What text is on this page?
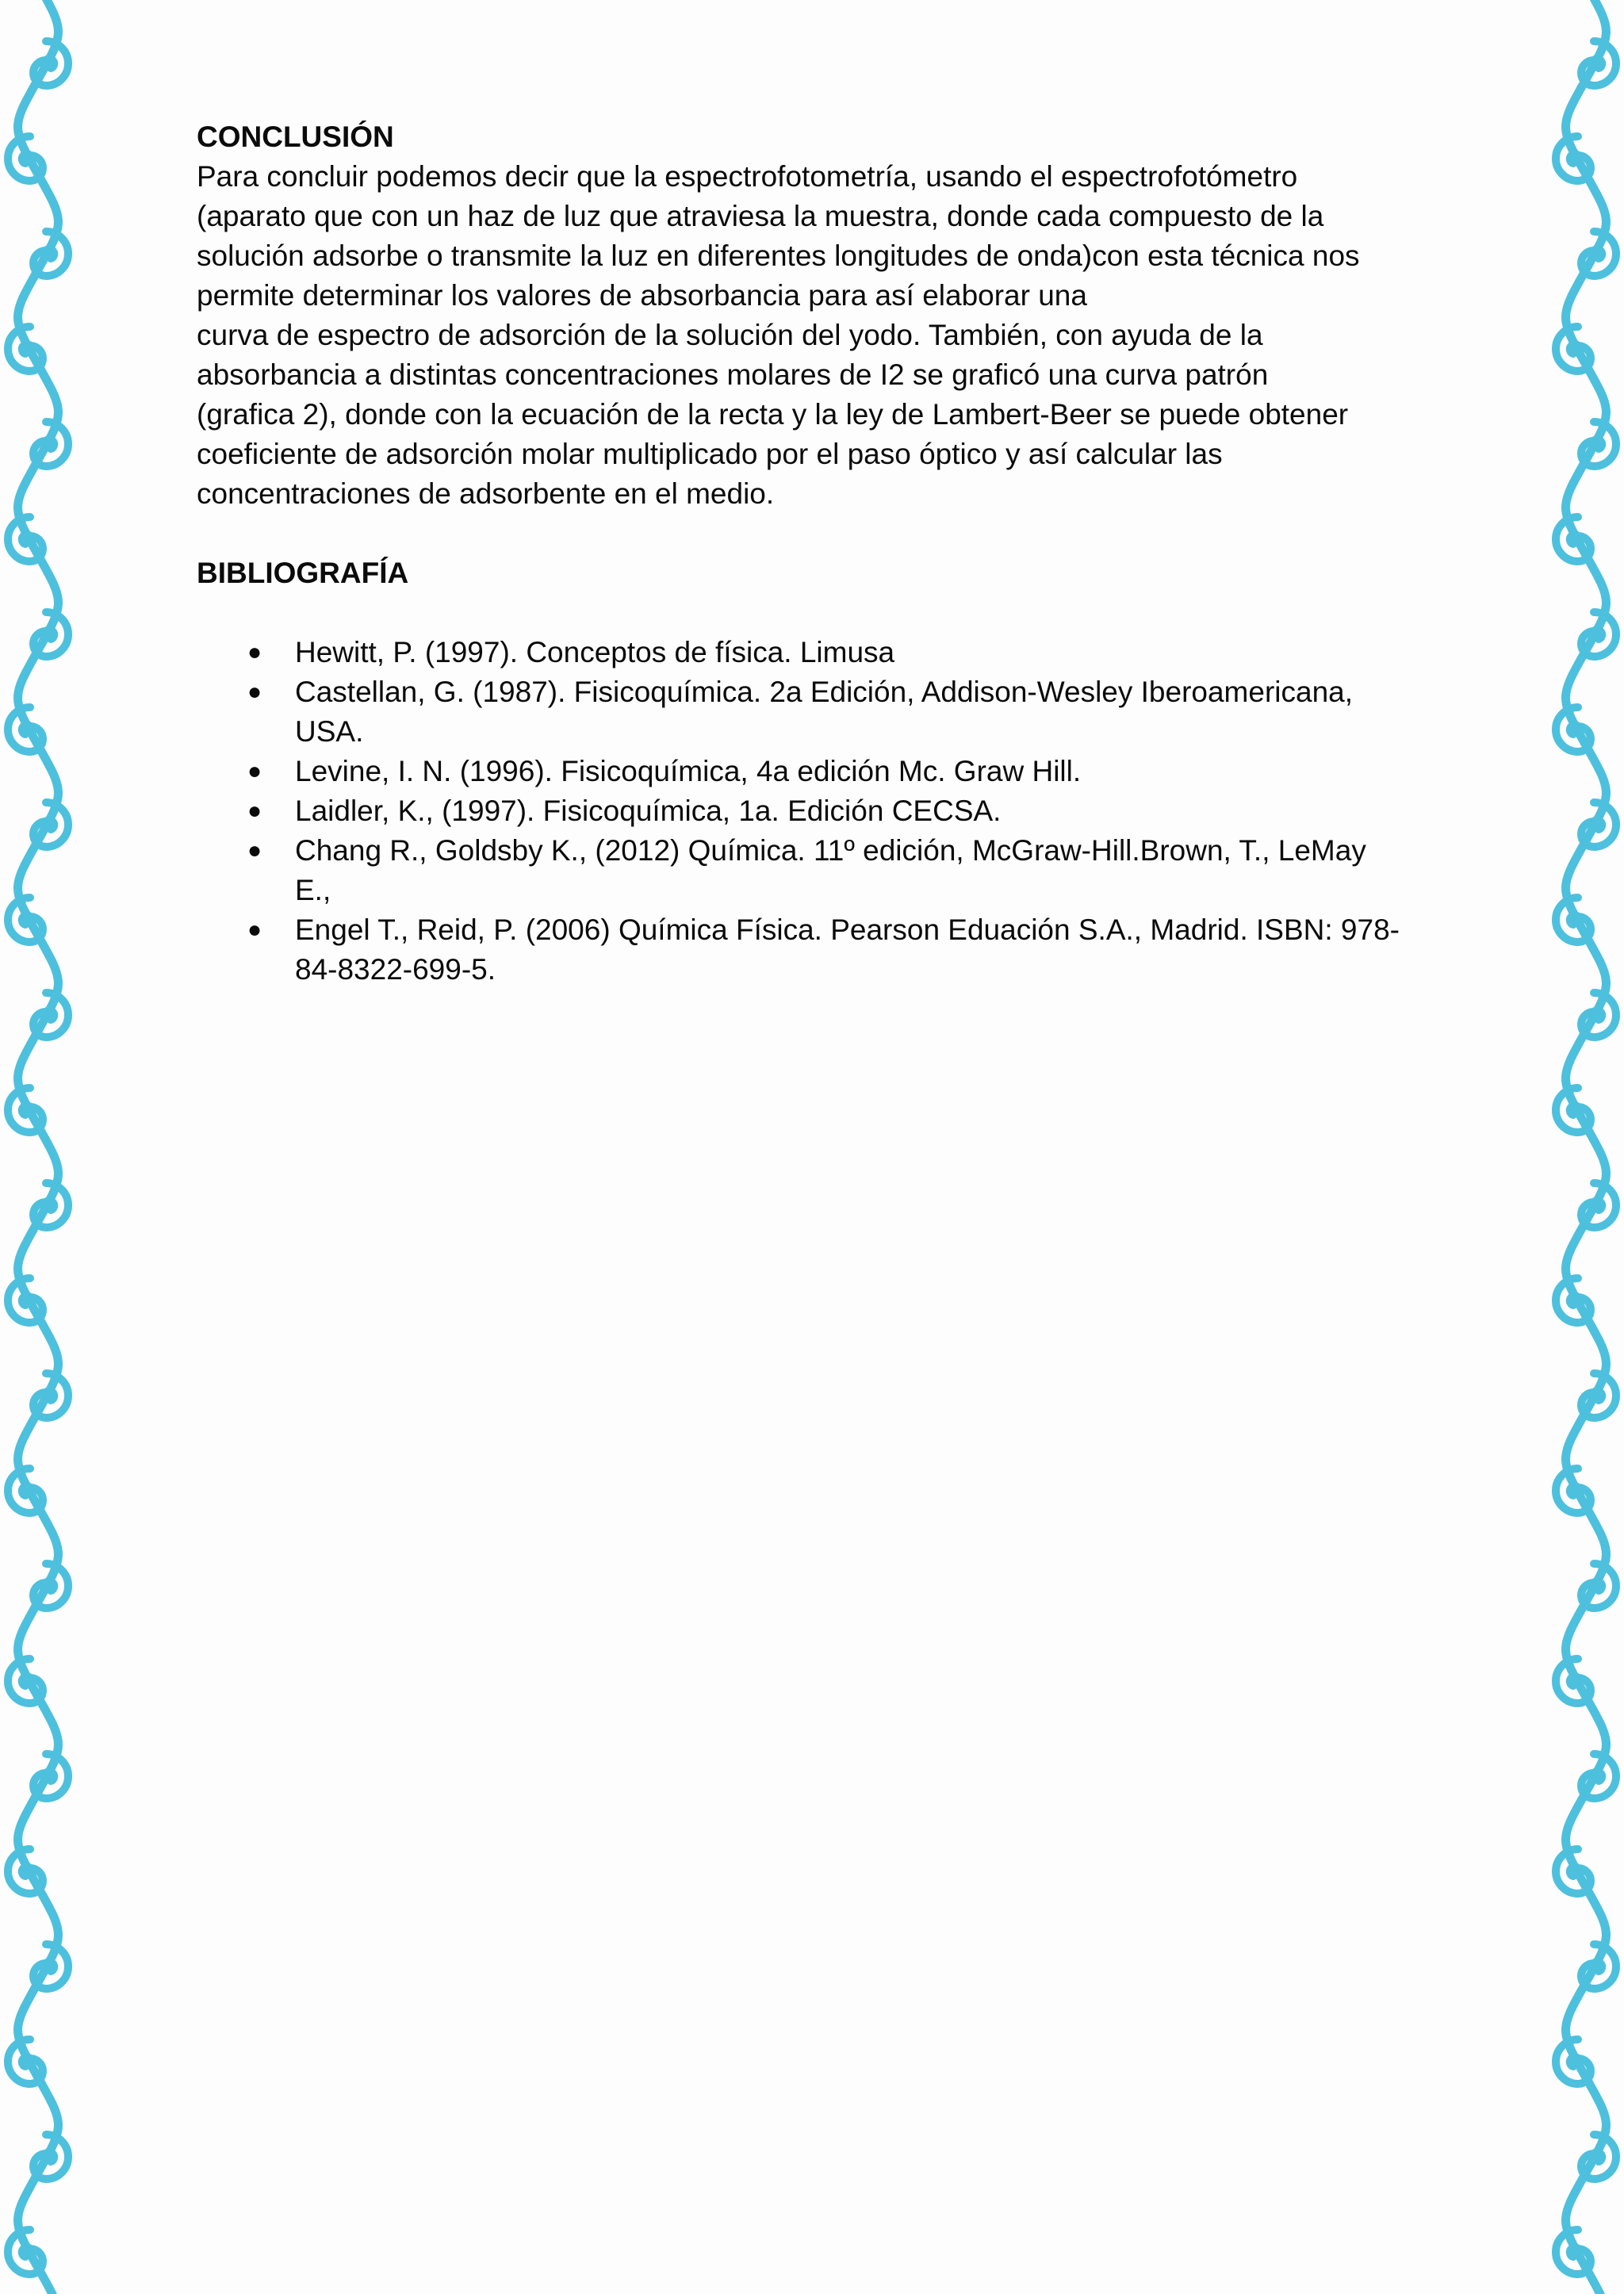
CONCLUSIÓN

Para concluir podemos decir que la espectrofotometría, usando el espectrofotómetro
(aparato que con un haz de luz que atraviesa la muestra, donde cada compuesto de la
solución adsorbe o transmite la luz en diferentes longitudes de onda)con esta técnica nos
permite determinar los valores de absorbancia para así elaborar una
curva de espectro de adsorción de la solución del yodo. También, con ayuda de la
absorbancia a distintas concentraciones molares de I2 se graficó una curva patrón
(grafica 2), donde con la ecuación de la recta y la ley de Lambert-Beer se puede obtener
coeficiente de adsorción molar multiplicado por el paso óptico y así calcular las
concentraciones de adsorbente en el medio.

BIBLIOGRAFÍA
● Hewitt, P. (1997). Conceptos de física. Limusa
● Castellan, G. (1987). Fisicoquímica. 2a Edición, Addison-Wesley Iberoamericana, USA.
● Levine, I. N. (1996). Fisicoquímica, 4a edición Mc. Graw Hill.
● Laidler, K., (1997). Fisicoquímica, 1a. Edición CECSA.
● Chang R., Goldsby K., (2012) Química. 11º edición, McGraw-Hill.Brown, T., LeMay E.,
● Engel T., Reid, P. (2006) Química Física. Pearson Eduación S.A., Madrid. ISBN: 978-84-8322-699-5.
